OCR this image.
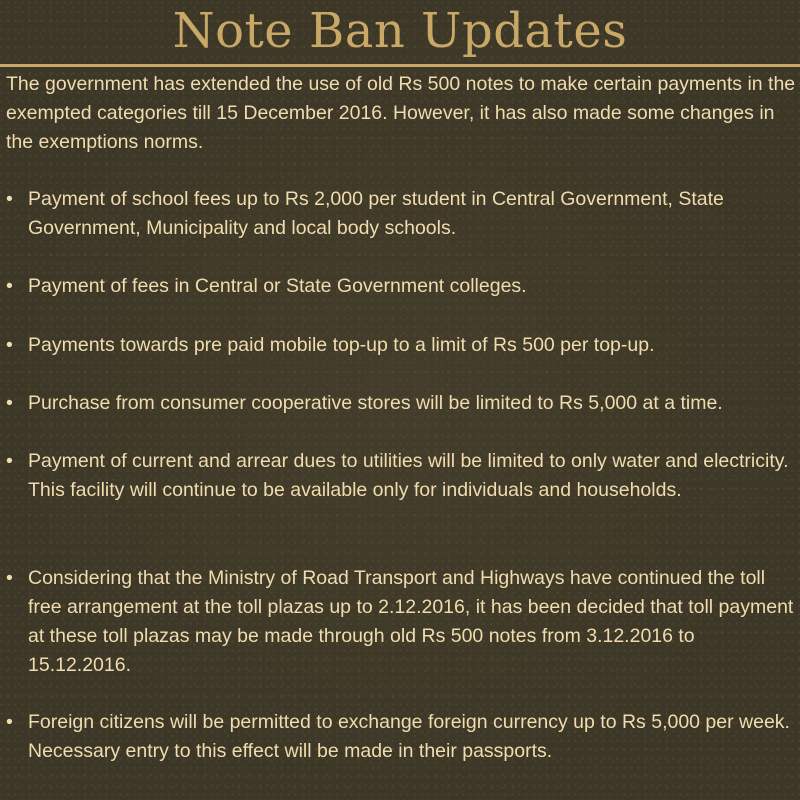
Note Ban Updates

The government has extended the use of old Rs 500 notes to make certain payments in the exempted categories till 15 December 2016. However, it has also made some changes in the exemptions norms.

• Payment of school fees up to Rs 2,000 per student in Central Government, State Government, Municipality and local body schools.
• Payment of fees in Central or State Government colleges.
• Payments towards pre paid mobile top-up to a limit of Rs 500 per top-up.
• Purchase from consumer cooperative stores will be limited to Rs 5,000 at a time.
• Payment of current and arrear dues to utilities will be limited to only water and electricity. This facility will continue to be available only for individuals and households.
• Considering that the Ministry of Road Transport and Highways have continued the toll free arrangement at the toll plazas up to 2.12.2016, it has been decided that toll payment at these toll plazas may be made through old Rs 500 notes from 3.12.2016 to 15.12.2016.
• Foreign citizens will be permitted to exchange foreign currency up to Rs 5,000 per week. Necessary entry to this effect will be made in their passports.
